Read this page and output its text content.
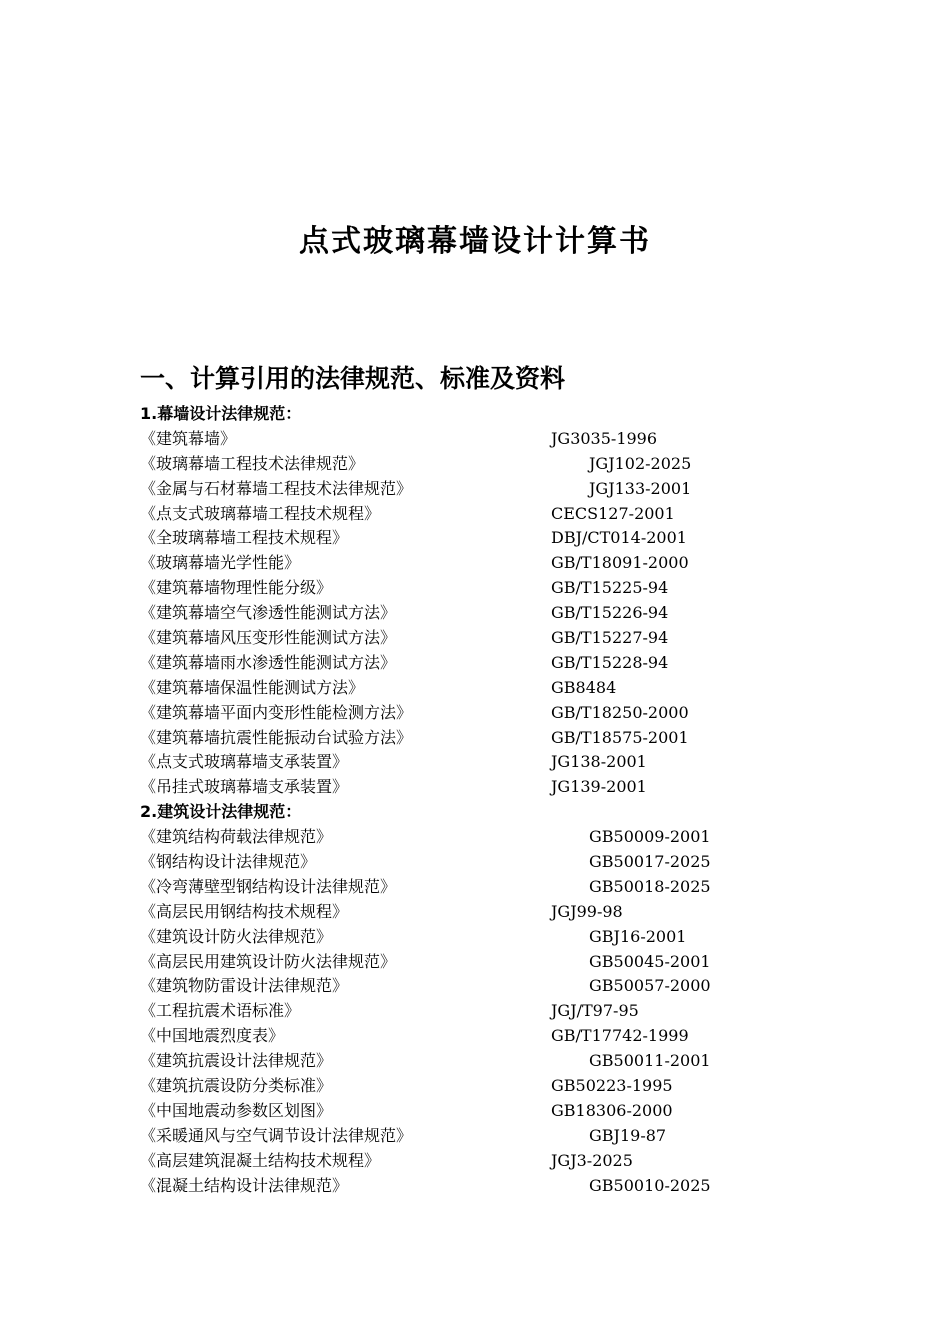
点式玻璃幕墙设计计算书
一、计算引用的法律规范、标准及资料
1.幕墙设计法律规范：
《建筑幕墙》	JG3035-1996
《玻璃幕墙工程技术法律规范》	JGJ102-2025
《金属与石材幕墙工程技术法律规范》	JGJ133-2001
《点支式玻璃幕墙工程技术规程》	CECS127-2001
《全玻璃幕墙工程技术规程》	DBJ/CT014-2001
《玻璃幕墙光学性能》	GB/T18091-2000
《建筑幕墙物理性能分级》	GB/T15225-94
《建筑幕墙空气渗透性能测试方法》	GB/T15226-94
《建筑幕墙风压变形性能测试方法》	GB/T15227-94
《建筑幕墙雨水渗透性能测试方法》	GB/T15228-94
《建筑幕墙保温性能测试方法》	GB8484
《建筑幕墙平面内变形性能检测方法》	GB/T18250-2000
《建筑幕墙抗震性能振动台试验方法》	GB/T18575-2001
《点支式玻璃幕墙支承装置》	JG138-2001
《吊挂式玻璃幕墙支承装置》	JG139-2001
2.建筑设计法律规范：
《建筑结构荷载法律规范》	GB50009-2001
《钢结构设计法律规范》	GB50017-2025
《冷弯薄壁型钢结构设计法律规范》	GB50018-2025
《高层民用钢结构技术规程》	JGJ99-98
《建筑设计防火法律规范》	GBJ16-2001
《高层民用建筑设计防火法律规范》	GB50045-2001
《建筑物防雷设计法律规范》	GB50057-2000
《工程抗震术语标准》	JGJ/T97-95
《中国地震烈度表》	GB/T17742-1999
《建筑抗震设计法律规范》	GB50011-2001
《建筑抗震设防分类标准》	GB50223-1995
《中国地震动参数区划图》	GB18306-2000
《采暖通风与空气调节设计法律规范》	GBJ19-87
《高层建筑混凝土结构技术规程》	JGJ3-2025
《混凝土结构设计法律规范》	GB50010-2025
